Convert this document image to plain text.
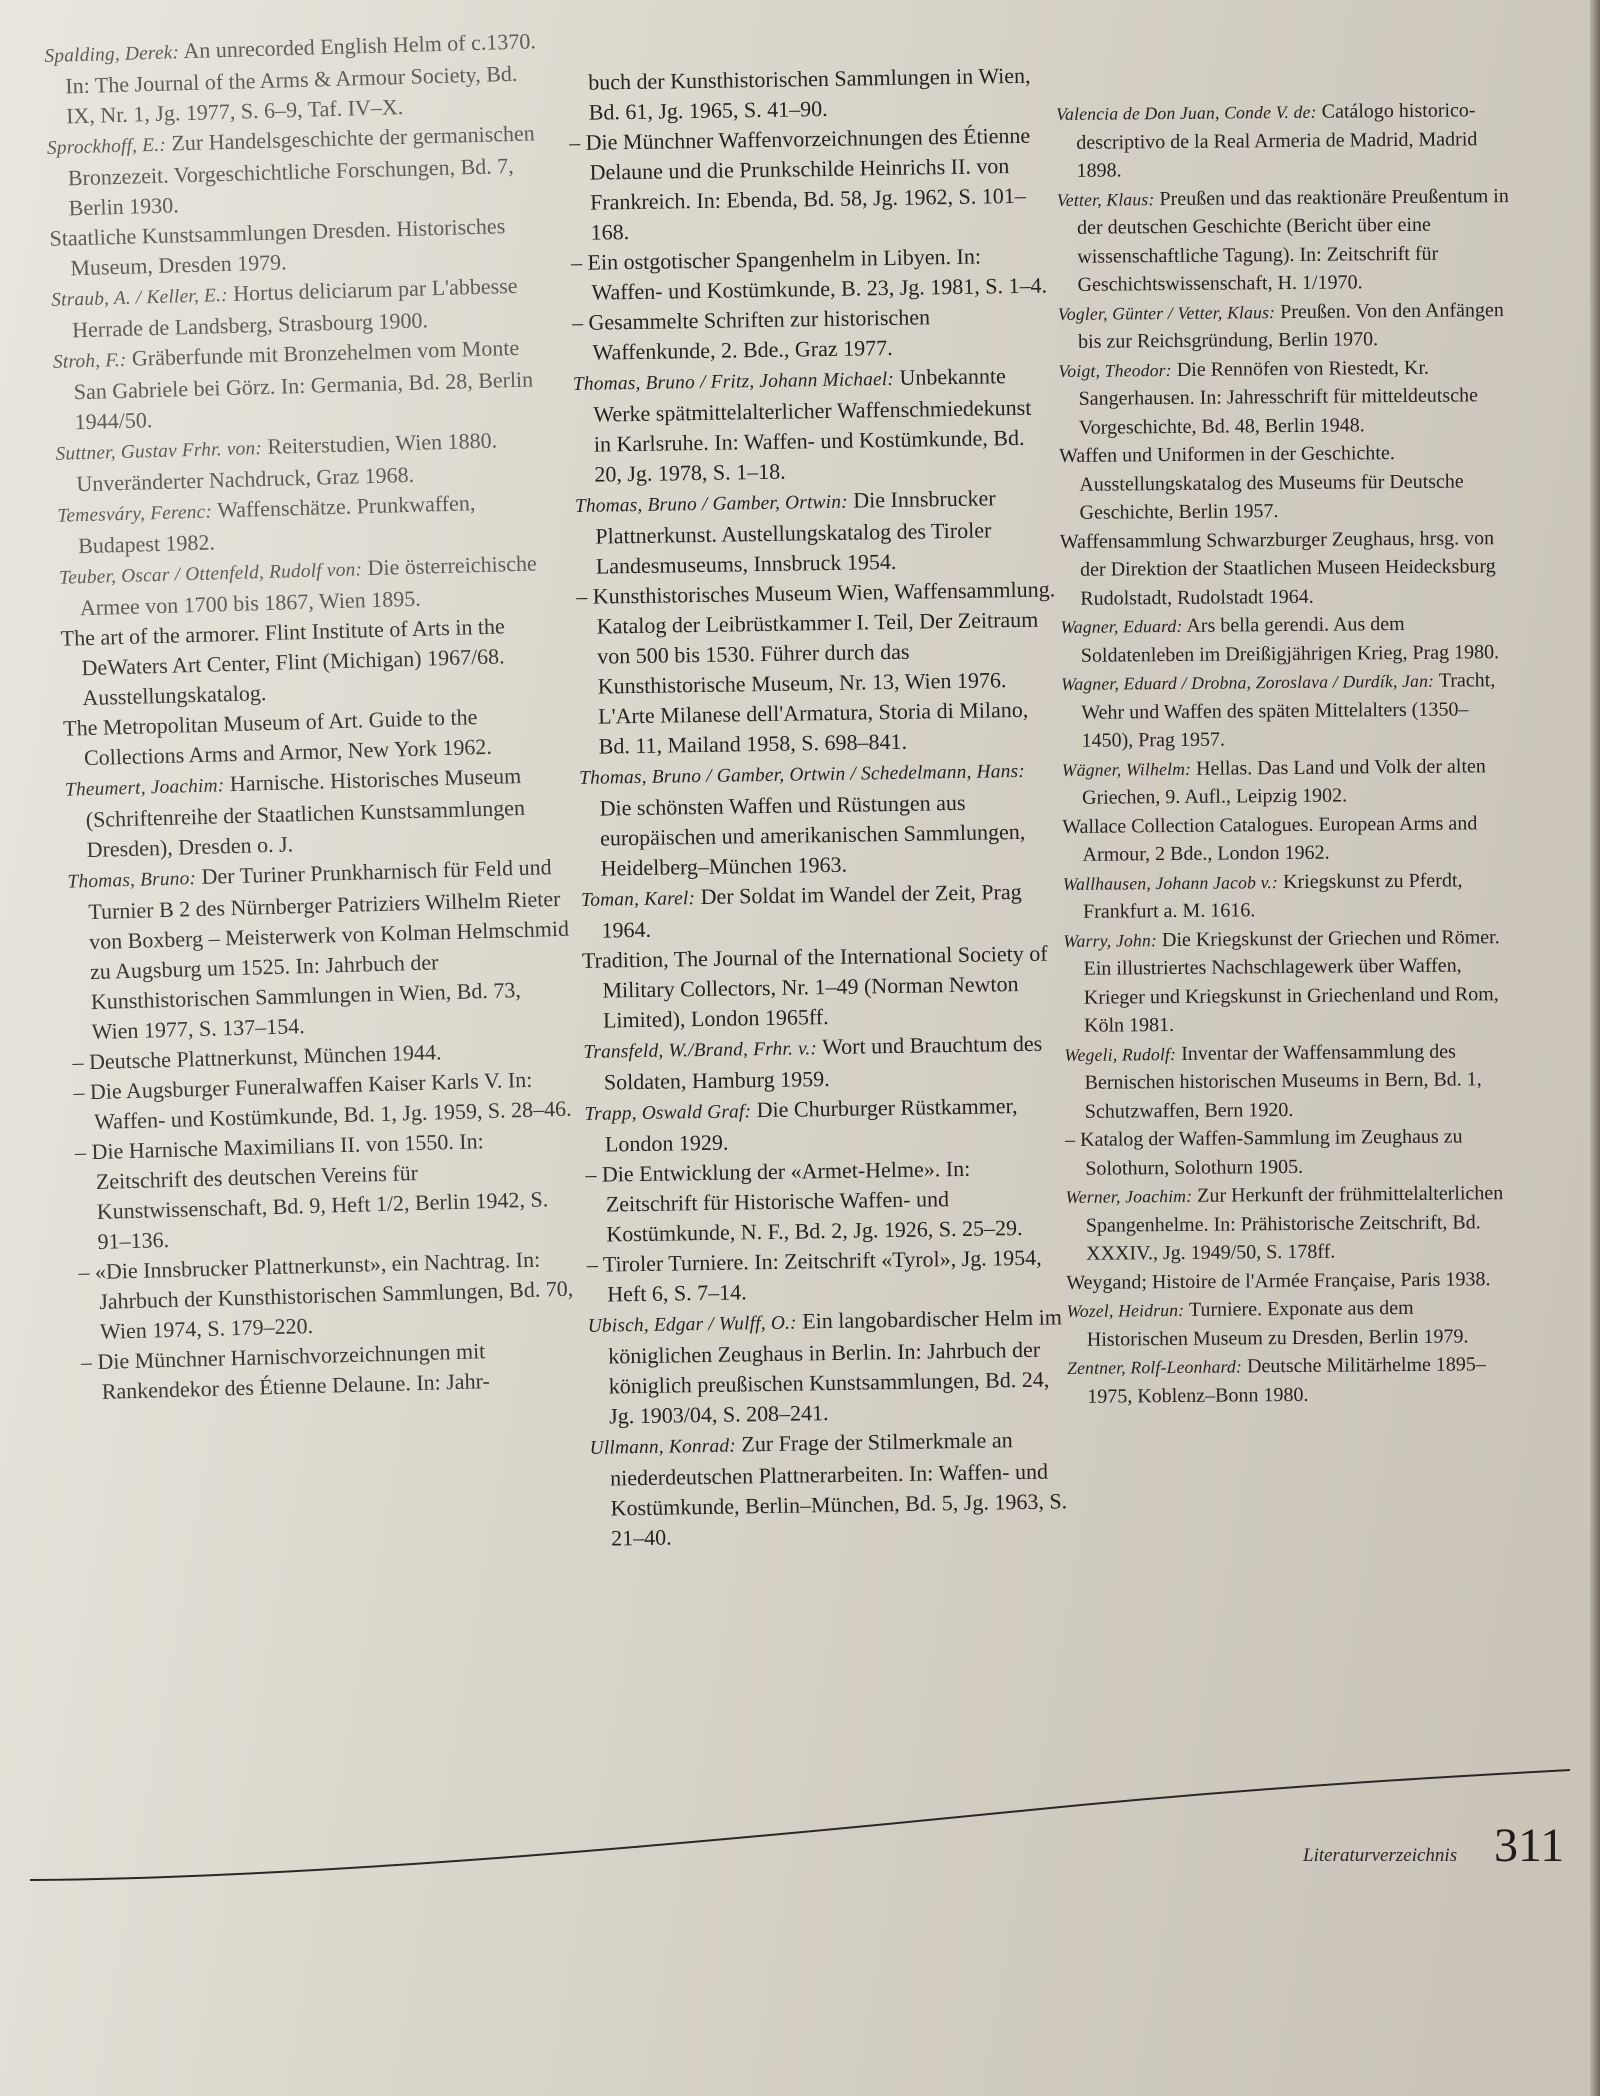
Spalding, Derek: An unrecorded English Helm of c.1370. In: The Journal of the Arms & Armour Society, Bd. IX, Nr. 1, Jg. 1977, S. 6–9, Taf. IV–X.

Sprockhoff, E.: Zur Handelsgeschichte der germanischen Bronzezeit. Vorgeschichtliche Forschungen, Bd. 7, Berlin 1930.

Staatliche Kunstsammlungen Dresden. Historisches Museum, Dresden 1979.

Straub, A. / Keller, E.: Hortus deliciarum par L'abbesse Herrade de Landsberg, Strasbourg 1900.

Stroh, F.: Gräberfunde mit Bronzehelmen vom Monte San Gabriele bei Görz. In: Germania, Bd. 28, Berlin 1944/50.

Suttner, Gustav Frhr. von: Reiterstudien, Wien 1880. Unveränderter Nachdruck, Graz 1968.

Temesváry, Ferenc: Waffenschätze. Prunkwaffen, Budapest 1982.

Teuber, Oscar / Ottenfeld, Rudolf von: Die österreichische Armee von 1700 bis 1867, Wien 1895.

The art of the armorer. Flint Institute of Arts in the DeWaters Art Center, Flint (Michigan) 1967/68. Ausstellungskatalog.

The Metropolitan Museum of Art. Guide to the Collections Arms and Armor, New York 1962.

Theumert, Joachim: Harnische. Historisches Museum (Schriftenreihe der Staatlichen Kunstsammlungen Dresden), Dresden o. J.

Thomas, Bruno: Der Turiner Prunkharnisch für Feld und Turnier B 2 des Nürnberger Patriziers Wilhelm Rieter von Boxberg – Meisterwerk von Kolman Helmschmid zu Augsburg um 1525. In: Jahrbuch der Kunsthistorischen Sammlungen in Wien, Bd. 73, Wien 1977, S. 137–154.

– Deutsche Plattnerkunst, München 1944.

– Die Augsburger Funeralwaffen Kaiser Karls V. In: Waffen- und Kostümkunde, Bd. 1, Jg. 1959, S. 28–46.

– Die Harnische Maximilians II. von 1550. In: Zeitschrift des deutschen Vereins für Kunstwissenschaft, Bd. 9, Heft 1/2, Berlin 1942, S. 91–136.

– «Die Innsbrucker Plattnerkunst», ein Nachtrag. In: Jahrbuch der Kunsthistorischen Sammlungen, Bd. 70, Wien 1974, S. 179–220.

– Die Münchner Harnischvorzeichnungen mit Rankendekor des Étienne Delaune. In: Jahr-

buch der Kunsthistorischen Sammlungen in Wien, Bd. 61, Jg. 1965, S. 41–90.

– Die Münchner Waffenvorzeichnungen des Étienne Delaune und die Prunkschilde Heinrichs II. von Frankreich. In: Ebenda, Bd. 58, Jg. 1962, S. 101–168.

– Ein ostgotischer Spangenhelm in Libyen. In: Waffen- und Kostümkunde, B. 23, Jg. 1981, S. 1–4.

– Gesammelte Schriften zur historischen Waffenkunde, 2. Bde., Graz 1977.

Thomas, Bruno / Fritz, Johann Michael: Unbekannte Werke spätmittelalterlicher Waffenschmiedekunst in Karlsruhe. In: Waffen- und Kostümkunde, Bd. 20, Jg. 1978, S. 1–18.

Thomas, Bruno / Gamber, Ortwin: Die Innsbrucker Plattnerkunst. Austellungskatalog des Tiroler Landesmuseums, Innsbruck 1954.

– Kunsthistorisches Museum Wien, Waffensammlung. Katalog der Leibrüstkammer I. Teil, Der Zeitraum von 500 bis 1530. Führer durch das Kunsthistorische Museum, Nr. 13, Wien 1976.

L'Arte Milanese dell'Armatura, Storia di Milano, Bd. 11, Mailand 1958, S. 698–841.

Thomas, Bruno / Gamber, Ortwin / Schedelmann, Hans: Die schönsten Waffen und Rüstungen aus europäischen und amerikanischen Sammlungen, Heidelberg–München 1963.

Toman, Karel: Der Soldat im Wandel der Zeit, Prag 1964.

Tradition, The Journal of the International Society of Military Collectors, Nr. 1–49 (Norman Newton Limited), London 1965ff.

Transfeld, W./Brand, Frhr. v.: Wort und Brauchtum des Soldaten, Hamburg 1959.

Trapp, Oswald Graf: Die Churburger Rüstkammer, London 1929.

– Die Entwicklung der «Armet-Helme». In: Zeitschrift für Historische Waffen- und Kostümkunde, N. F., Bd. 2, Jg. 1926, S. 25–29.

– Tiroler Turniere. In: Zeitschrift «Tyrol», Jg. 1954, Heft 6, S. 7–14.

Ubisch, Edgar / Wulff, O.: Ein langobardischer Helm im königlichen Zeughaus in Berlin. In: Jahrbuch der königlich preußischen Kunstsammlungen, Bd. 24, Jg. 1903/04, S. 208–241.

Ullmann, Konrad: Zur Frage der Stilmerkmale an niederdeutschen Plattnerarbeiten. In: Waffen- und Kostümkunde, Berlin–München, Bd. 5, Jg. 1963, S. 21–40.

Valencia de Don Juan, Conde V. de: Catálogo historico-descriptivo de la Real Armeria de Madrid, Madrid 1898.

Vetter, Klaus: Preußen und das reaktionäre Preußentum in der deutschen Geschichte (Bericht über eine wissenschaftliche Tagung). In: Zeitschrift für Geschichtswissenschaft, H. 1/1970.

Vogler, Günter / Vetter, Klaus: Preußen. Von den Anfängen bis zur Reichsgründung, Berlin 1970.

Voigt, Theodor: Die Rennöfen von Riestedt, Kr. Sangerhausen. In: Jahresschrift für mitteldeutsche Vorgeschichte, Bd. 48, Berlin 1948.

Waffen und Uniformen in der Geschichte. Ausstellungskatalog des Museums für Deutsche Geschichte, Berlin 1957.

Waffensammlung Schwarzburger Zeughaus, hrsg. von der Direktion der Staatlichen Museen Heidecksburg Rudolstadt, Rudolstadt 1964.

Wagner, Eduard: Ars bella gerendi. Aus dem Soldatenleben im Dreißigjährigen Krieg, Prag 1980.

Wagner, Eduard / Drobna, Zoroslava / Durdík, Jan: Tracht, Wehr und Waffen des späten Mittelalters (1350–1450), Prag 1957.

Wägner, Wilhelm: Hellas. Das Land und Volk der alten Griechen, 9. Aufl., Leipzig 1902.

Wallace Collection Catalogues. European Arms and Armour, 2 Bde., London 1962.

Wallhausen, Johann Jacob v.: Kriegskunst zu Pferdt, Frankfurt a. M. 1616.

Warry, John: Die Kriegskunst der Griechen und Römer. Ein illustriertes Nachschlagewerk über Waffen, Krieger und Kriegskunst in Griechenland und Rom, Köln 1981.

Wegeli, Rudolf: Inventar der Waffensammlung des Bernischen historischen Museums in Bern, Bd. 1, Schutzwaffen, Bern 1920.

– Katalog der Waffen-Sammlung im Zeughaus zu Solothurn, Solothurn 1905.

Werner, Joachim: Zur Herkunft der frühmittelalterlichen Spangenhelme. In: Prähistorische Zeitschrift, Bd. XXXIV., Jg. 1949/50, S. 178ff.

Weygand; Histoire de l'Armée Française, Paris 1938.

Wozel, Heidrun: Turniere. Exponate aus dem Historischen Museum zu Dresden, Berlin 1979.

Zentner, Rolf-Leonhard: Deutsche Militärhelme 1895–1975, Koblenz–Bonn 1980.

Literaturverzeichnis 311
